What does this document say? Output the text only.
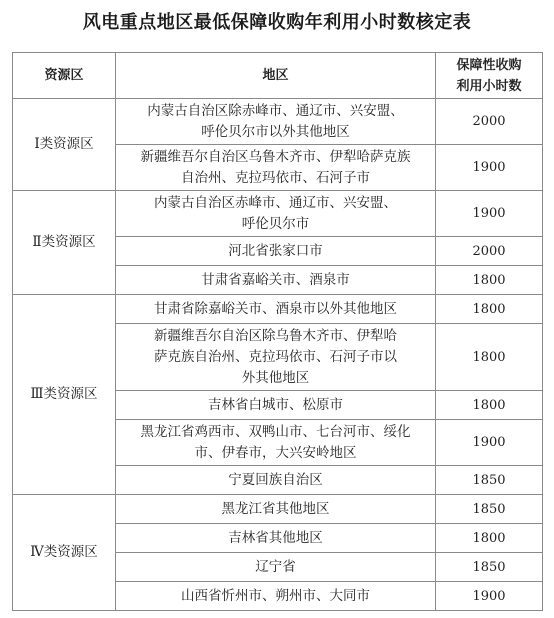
风电重点地区最低保障收购年利用小时数核定表
资源区	地区	保障性收购
利用小时数

Ⅰ类资源区	内蒙古自治区除赤峰市、通辽市、兴安盟、
呼伦贝尔市以外其他地区	2000

	新疆维吾尔自治区乌鲁木齐市、伊犁哈萨克族
自治州、克拉玛依市、石河子市	1900
Ⅱ类资源区	内蒙古自治区赤峰市、通辽市、兴安盟、
呼伦贝尔市	1900

	河北省张家口市	2000

	甘肃省嘉峪关市、酒泉市	1800
Ⅲ类资源区	甘肃省除嘉峪关市、酒泉市以外其他地区	1800

	新疆维吾尔自治区除乌鲁木齐市、伊犁哈
萨克族自治州、克拉玛依市、石河子市以
外其他地区	1800

	吉林省白城市、松原市	1800

	黑龙江省鸡西市、双鸭山市、七台河市、绥化
市、伊春市，大兴安岭地区	1900

	宁夏回族自治区	1850
Ⅳ类资源区	黑龙江省其他地区	1850

	吉林省其他地区	1800

	辽宁省	1850

	山西省忻州市、朔州市、大同市	1900
